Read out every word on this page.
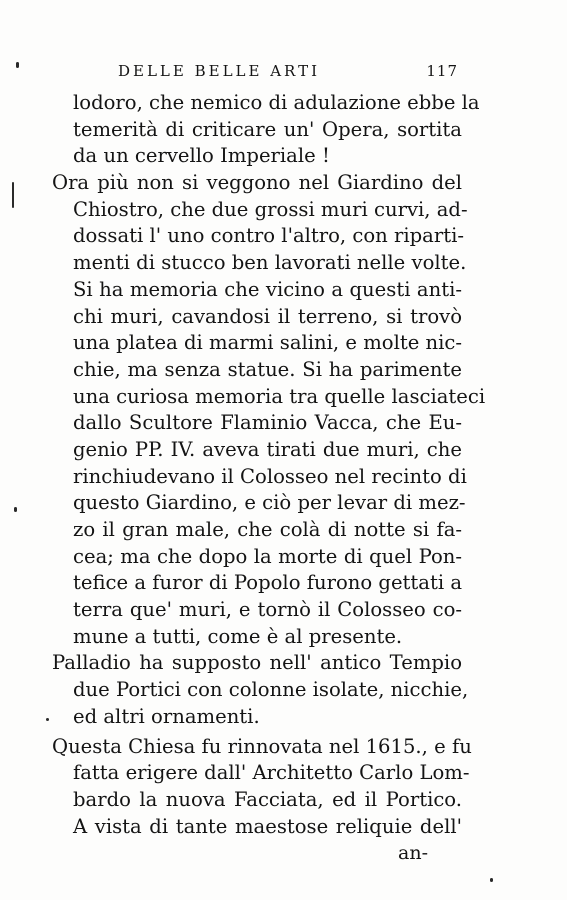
DELLE BELLE ARTI	117
lodoro, che nemico di adulazione ebbe la
temerità di criticare un' Opera, sortita
da un cervello Imperiale !
Ora più non si veggono nel Giardino del
Chiostro, che due grossi muri curvi, ad-
dossati l' uno contro l'altro, con riparti-
menti di stucco ben lavorati nelle volte.
Si ha memoria che vicino a questi anti-
chi muri, cavandosi il terreno, si trovò
una platea di marmi salini, e molte nic-
chie, ma senza statue. Si ha parimente
una curiosa memoria tra quelle lasciateci
dallo Scultore Flaminio Vacca, che Eu-
genio PP. IV. aveva tirati due muri, che
rinchiudevano il Colosseo nel recinto di
questo Giardino, e ciò per levar di mez-
zo il gran male, che colà di notte si fa-
cea; ma che dopo la morte di quel Pon-
tefice a furor di Popolo furono gettati a
terra que' muri, e tornò il Colosseo co-
mune a tutti, come è al presente.
Palladio ha supposto nell' antico Tempio
due Portici con colonne isolate, nicchie,
ed altri ornamenti.
Questa Chiesa fu rinnovata nel 1615., e fu
fatta erigere dall' Architetto Carlo Lom-
bardo la nuova Facciata, ed il Portico.
A vista di tante maestose reliquie dell'
an-
